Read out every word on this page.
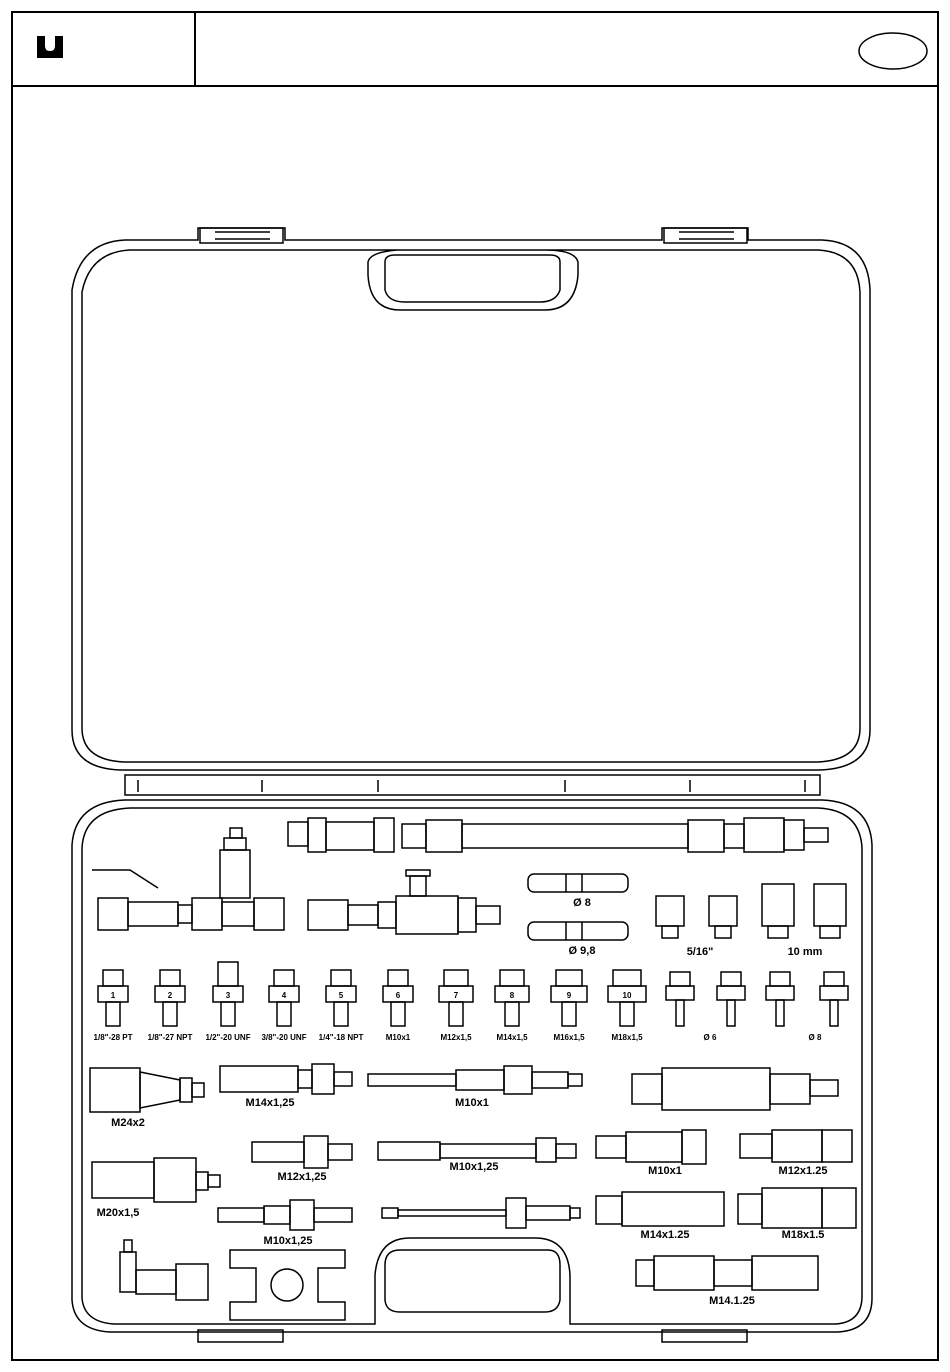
Ø 8
Ø 9,8	5/16"	10 mm
1
1/8"-28 PT
2
1/8"-27 NPT
3
1/2"-20 UNF
4
3/8"-20 UNF
5
1/4"-18 NPT
6
M10x1
7
M12x1,5
8
M14x1,5
9
M16x1,5
10
M18x1,5	Ø 6	Ø 8
M24x2
M14x1,25	M10x1
M12x1,25
M10x1,25	M10x1	M12x1.25
M20x1,5
M10x1,25	M14x1.25	M18x1.5
M14.1.25
